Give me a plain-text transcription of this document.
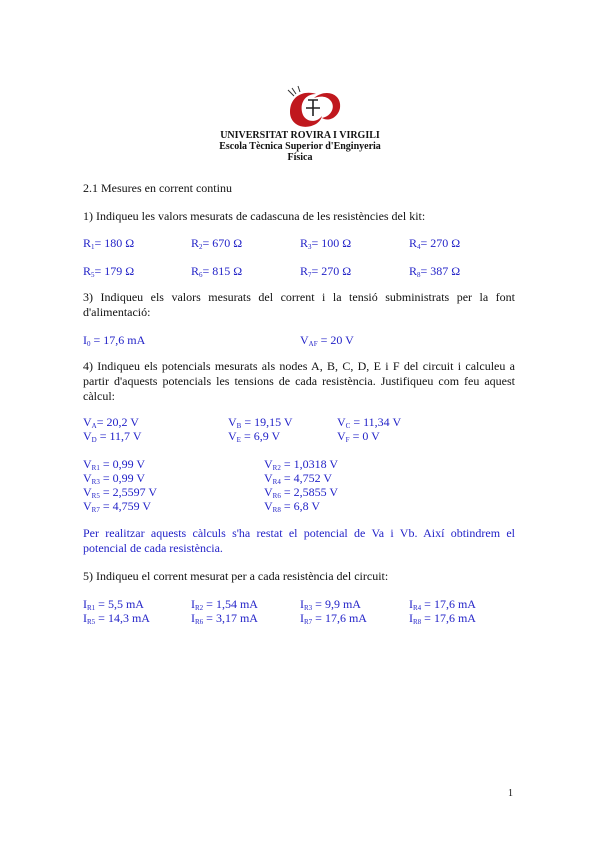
UNIVERSITAT ROVIRA I VIRGILI
Escola Tècnica Superior d'Enginyeria
Física
2.1 Mesures en corrent continu
1) Indiqueu les valors mesurats de cadascuna de les resistències del kit:
$R_1= 180$ Ω	$R_2= 670$ Ω	$R_3= 100$ Ω	$R_4= 270$ Ω
$R_5= 179$ Ω	$R_6= 815$ Ω	$R_7= 270$ Ω	$R_8= 387$ Ω
3) Indiqueu els valors mesurats del corrent i la tensió subministrats per la font d'alimentació:
$I_0 = 17,6$ mA	$V_{AF} = 20$ V
4) Indiqueu els potencials mesurats als nodes A, B, C, D, E i F del circuit i calculeu a partir d'aquests potencials les tensions de cada resistència. Justifiqueu com feu aquest càlcul:
$V_A= 20,2$ V	$V_B = 19,15$ V	$V_C = 11,34$ V
$V_D = 11,7$ V	$V_E = 6,9$ V	$V_F = 0$ V
$V_{R1} = 0,99$ V	$V_{R2} = 1,0318$ V
$V_{R3} = 0,99$ V	$V_{R4} = 4,752$ V
$V_{R5} = 2,5597$ V	$V_{R6} = 2,5855$ V
$V_{R7} = 4,759$ V	$V_{R8} = 6,8$ V
Per realitzar aquests càlculs s'ha restat el potencial de Va i Vb. Així obtindrem el potencial de cada resistència.
5) Indiqueu el corrent mesurat per a cada resistència del circuit:
$I_{R1} = 5,5$ mA	$I_{R2} = 1,54$ mA	$I_{R3} = 9,9$ mA	$I_{R4} = 17,6$ mA
$I_{R5} = 14,3$ mA	$I_{R6} = 3,17$ mA	$I_{R7} = 17,6$ mA	$I_{R8} = 17,6$ mA
1
